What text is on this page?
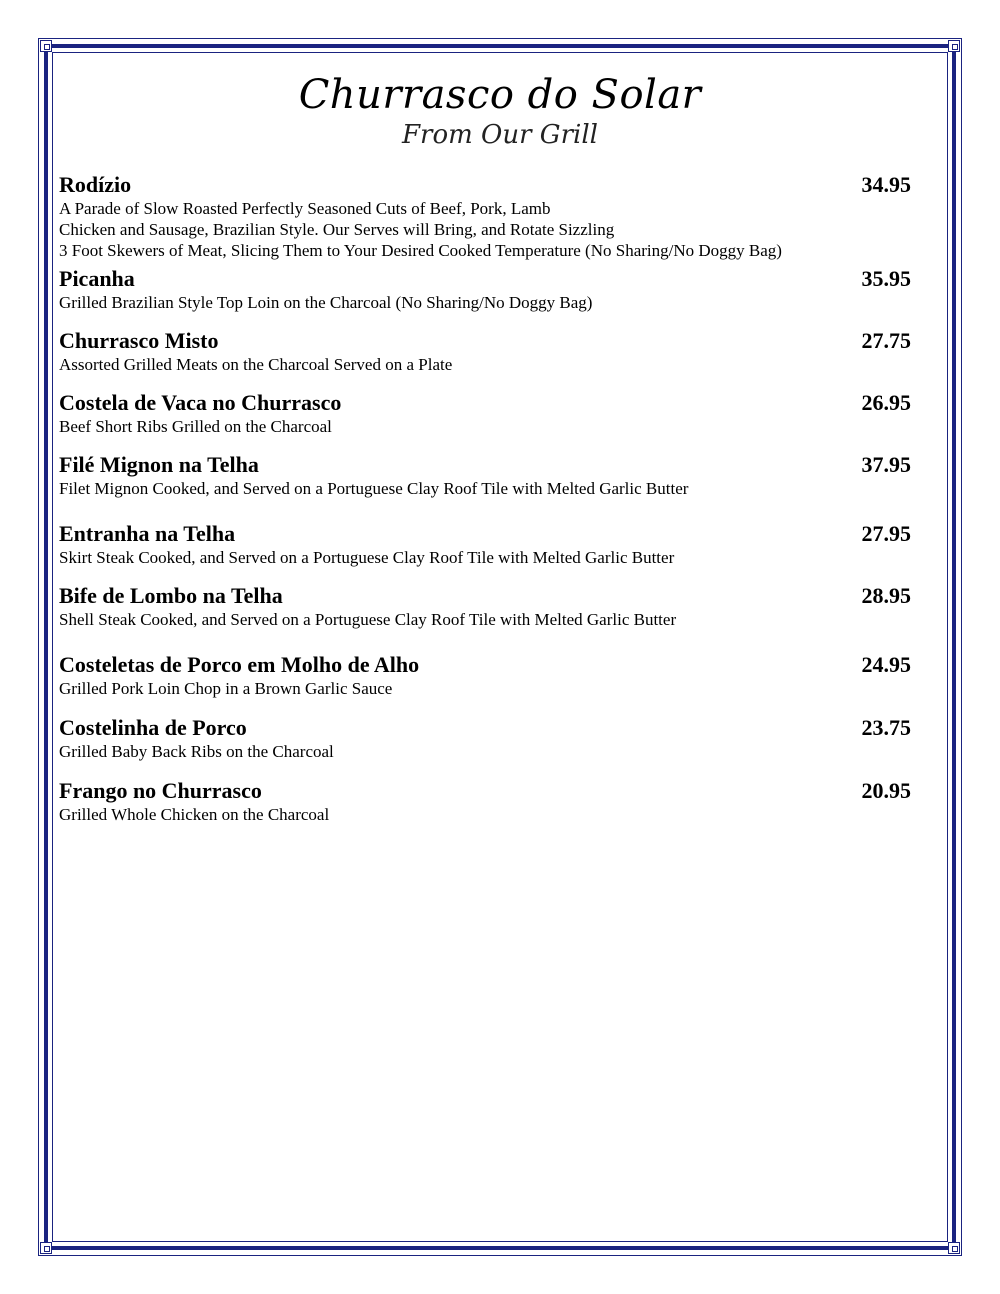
Churrasco do Solar
From Our Grill
Rodízio	34.95
A Parade of Slow Roasted Perfectly Seasoned Cuts of Beef, Pork, Lamb
Chicken and Sausage, Brazilian Style. Our Serves will Bring, and Rotate Sizzling
3 Foot Skewers of Meat, Slicing Them to Your Desired Cooked Temperature (No Sharing/No Doggy Bag)
Picanha	35.95
Grilled Brazilian Style Top Loin on the Charcoal (No Sharing/No Doggy Bag)
Churrasco Misto	27.75
Assorted Grilled Meats on the Charcoal Served on a Plate
Costela de Vaca no Churrasco	26.95
Beef Short Ribs Grilled on the Charcoal
Filé Mignon na Telha	37.95
Filet Mignon Cooked, and Served on a Portuguese Clay Roof Tile with Melted Garlic Butter
Entranha na Telha	27.95
Skirt Steak Cooked, and Served on a Portuguese Clay Roof Tile with Melted Garlic Butter
Bife de Lombo na Telha	28.95
Shell Steak Cooked, and Served on a Portuguese Clay Roof Tile with Melted Garlic Butter
Costeletas de Porco em Molho de Alho	24.95
Grilled Pork Loin Chop in a Brown Garlic Sauce
Costelinha de Porco	23.75
Grilled Baby Back Ribs on the Charcoal
Frango no Churrasco	20.95
Grilled Whole Chicken on the Charcoal
